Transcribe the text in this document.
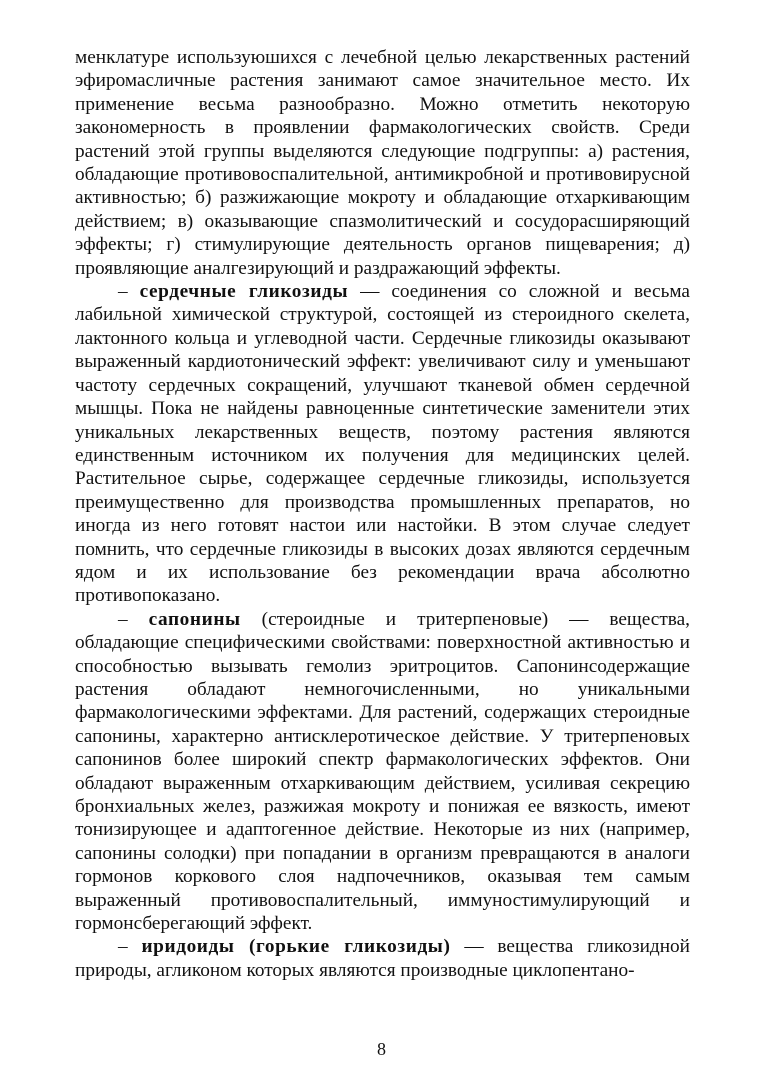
менклатуре используюшихся с лечебной целью лекарственных растений эфиромасличные растения занимают самое значительное место. Их применение весьма разнообразно. Можно отметить некоторую закономерность в проявлении фармакологических свойств. Среди растений этой группы выделяются следующие подгруппы: а) растения, обладающие противовоспалительной, антимикробной и противовирусной активностью; б) разжижающие мокроту и обладающие отхаркивающим действием; в) оказывающие спазмолитический и сосудорасширяющий эффекты; г) стимулирующие деятельность органов пищеварения; д) проявляющие аналгезирующий и раздражающий эффекты.

– сердечные гликозиды — соединения со сложной и весьма лабильной химической структурой, состоящей из стероидного скелета, лактонного кольца и углеводной части. Сердечные гликозиды оказывают выраженный кардиотонический эффект: увеличивают силу и уменьшают частоту сердечных сокращений, улучшают тканевой обмен сердечной мышцы. Пока не найдены равноценные синтетические заменители этих уникальных лекарственных веществ, поэтому растения являются единственным источником их получения для медицинских целей. Растительное сырье, содержащее сердечные гликозиды, используется преимущественно для производства промышленных препаратов, но иногда из него готовят настои или настойки. В этом случае следует помнить, что сердечные гликозиды в высоких дозах являются сердечным ядом и их использование без рекомендации врача абсолютно противопоказано.

– сапонины (стероидные и тритерпеновые) — вещества, обладающие специфическими свойствами: поверхностной активностью и способностью вызывать гемолиз эритроцитов. Сапонинсодержащие растения обладают немногочисленными, но уникальными фармакологическими эффектами. Для растений, содержащих стероидные сапонины, характерно антисклеротическое действие. У тритерпеновых сапонинов более широкий спектр фармакологических эффектов. Они обладают выраженным отхаркивающим действием, усиливая секрецию бронхиальных желез, разжижая мокроту и понижая ее вязкость, имеют тонизирующее и адаптогенное действие. Некоторые из них (например, сапонины солодки) при попадании в организм превращаются в аналоги гормонов коркового слоя надпочечников, оказывая тем самым выраженный противовоспалительный, иммуностимулирующий и гормонсберегающий эффект.

– иридоиды (горькие гликозиды) — вещества гликозидной природы, агликоном которых являются производные циклопентано-

8
